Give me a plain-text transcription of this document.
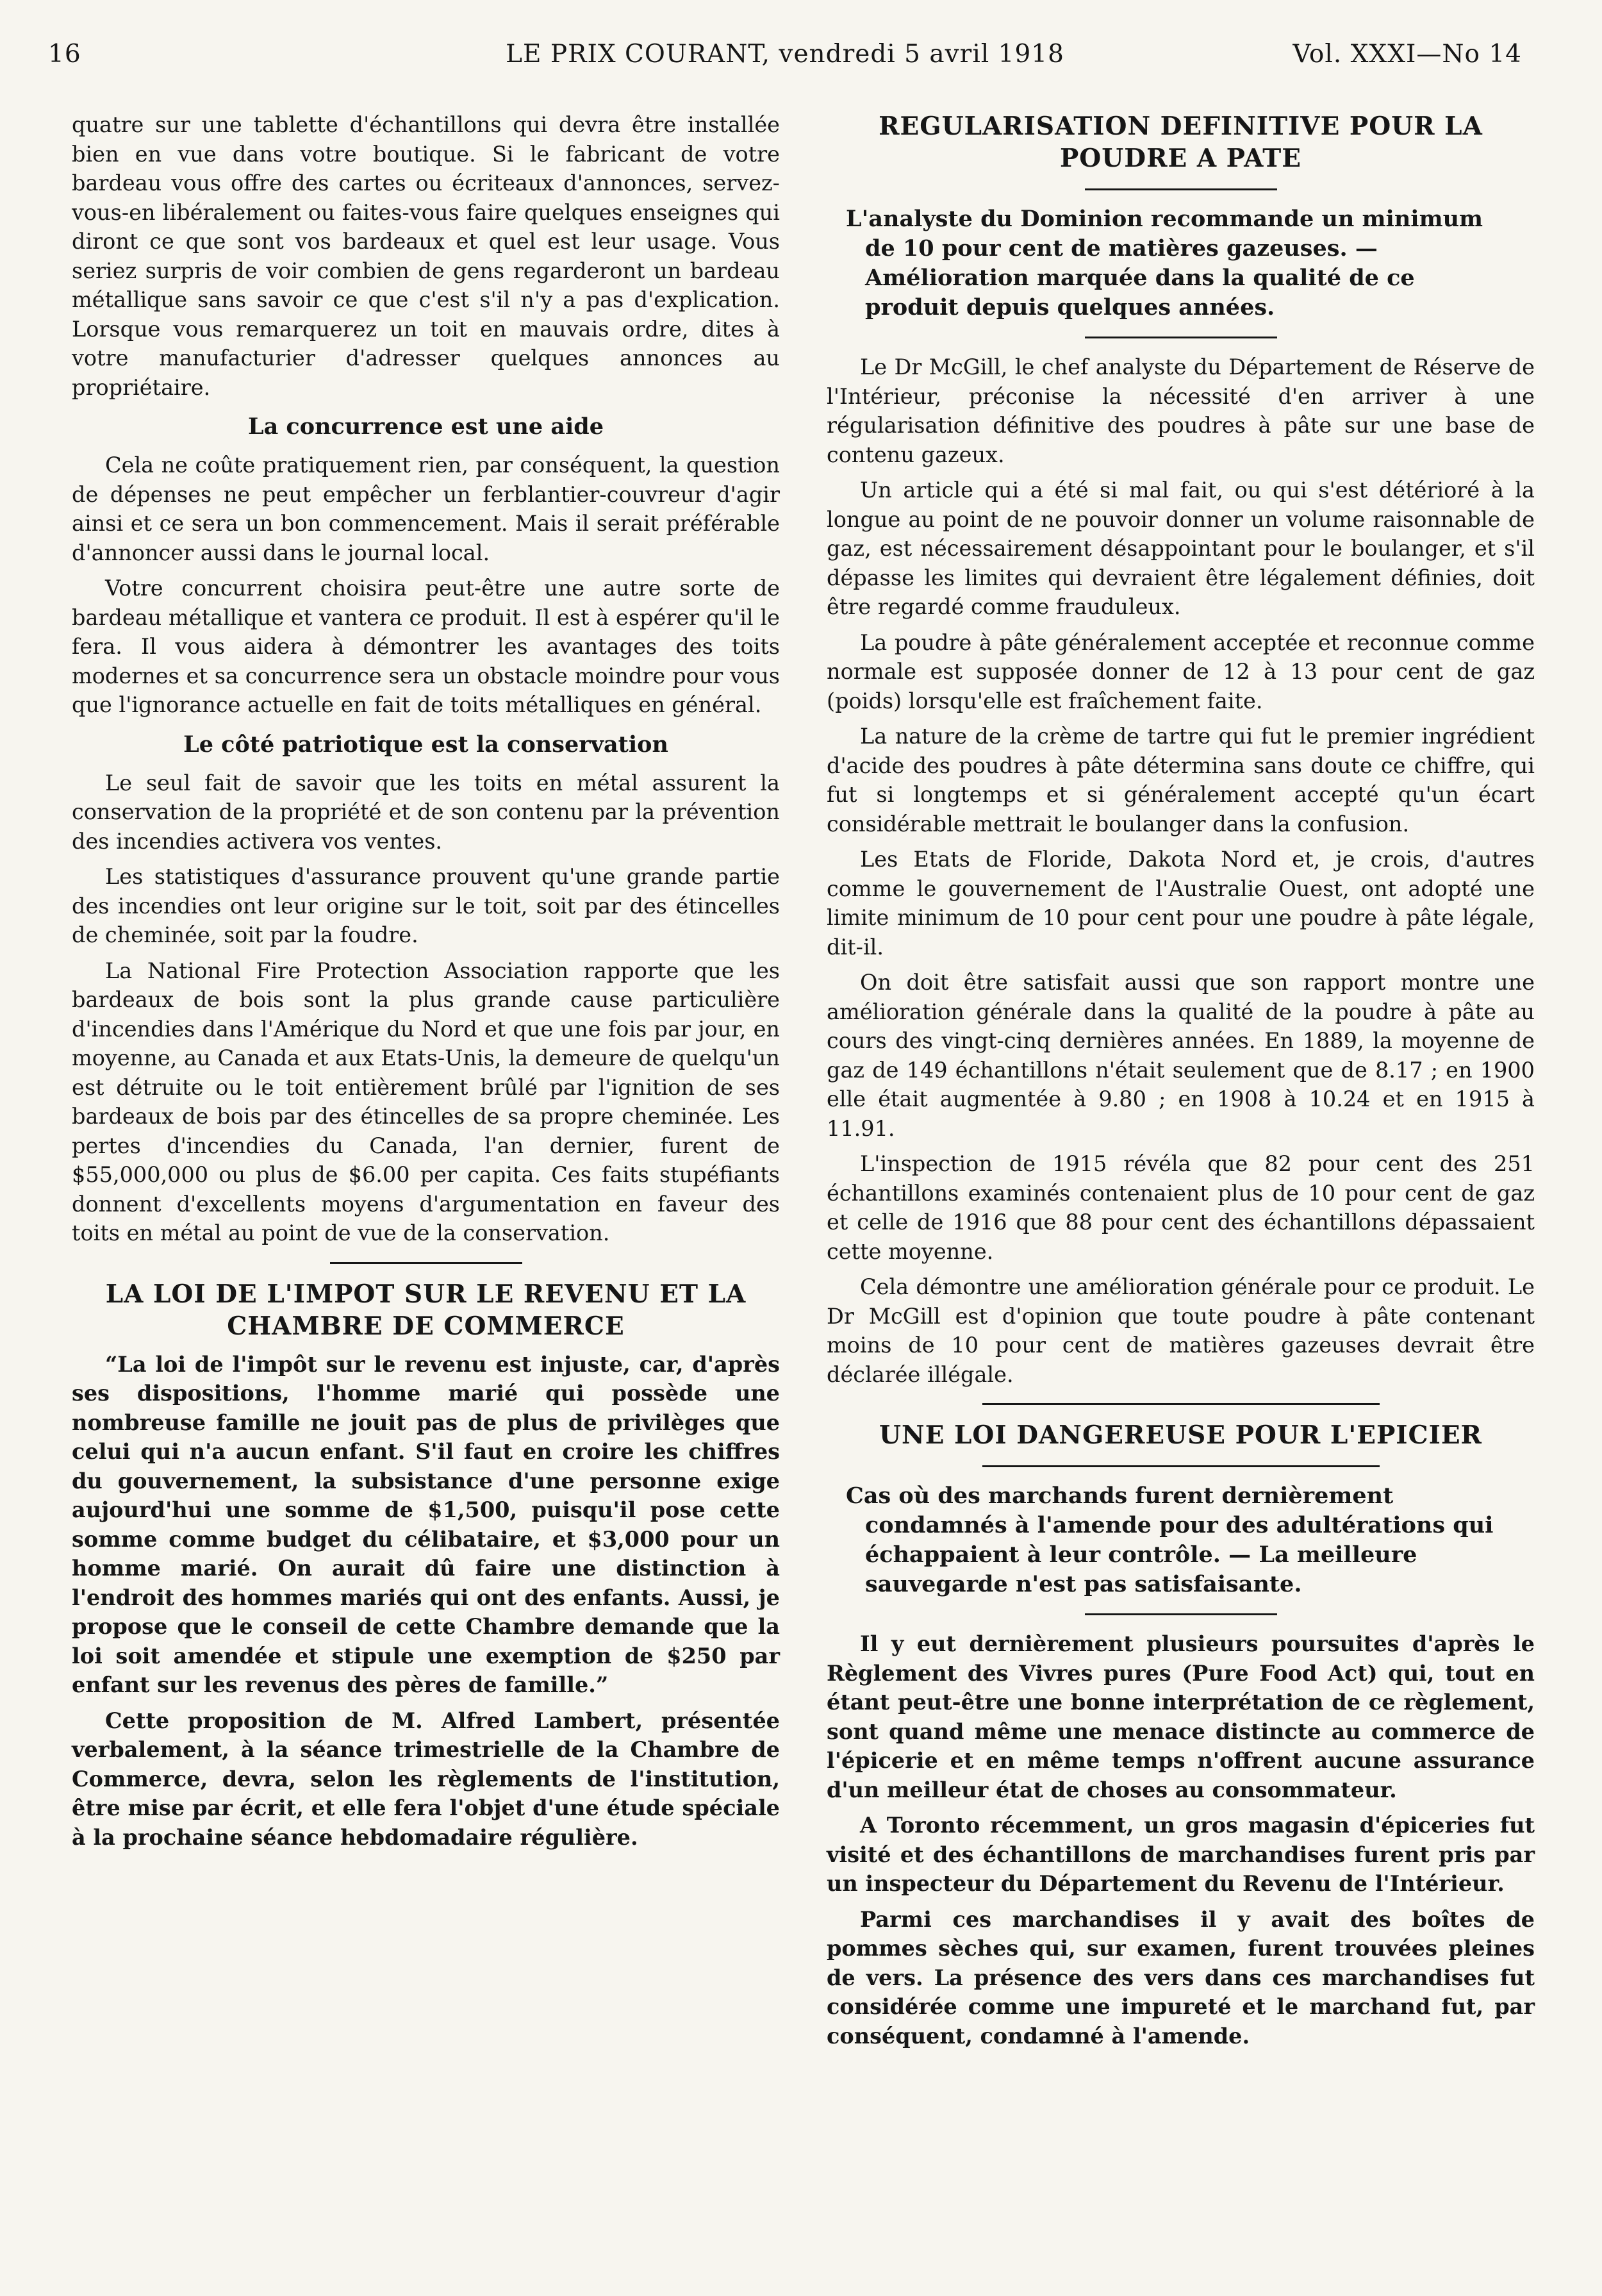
16	LE PRIX COURANT, vendredi 5 avril 1918	Vol. XXXI—No 14

quatre sur une tablette d'échantillons qui devra être installée bien en vue dans votre boutique. Si le fabricant de votre bardeau vous offre des cartes ou écriteaux d'annonces, servez-vous-en libéralement ou faites-vous faire quelques enseignes qui diront ce que sont vos bardeaux et quel est leur usage. Vous seriez surpris de voir combien de gens regarderont un bardeau métallique sans savoir ce que c'est s'il n'y a pas d'explication. Lorsque vous remarquerez un toit en mauvais ordre, dites à votre manufacturier d'adresser quelques annonces au propriétaire.

La concurrence est une aide

Cela ne coûte pratiquement rien, par conséquent, la question de dépenses ne peut empêcher un ferblantier-couvreur d'agir ainsi et ce sera un bon commencement. Mais il serait préférable d'annoncer aussi dans le journal local.

Votre concurrent choisira peut-être une autre sorte de bardeau métallique et vantera ce produit. Il est à espérer qu'il le fera. Il vous aidera à démontrer les avantages des toits modernes et sa concurrence sera un obstacle moindre pour vous que l'ignorance actuelle en fait de toits métalliques en général.

Le côté patriotique est la conservation

Le seul fait de savoir que les toits en métal assurent la conservation de la propriété et de son contenu par la prévention des incendies activera vos ventes.

Les statistiques d'assurance prouvent qu'une grande partie des incendies ont leur origine sur le toit, soit par des étincelles de cheminée, soit par la foudre.

La National Fire Protection Association rapporte que les bardeaux de bois sont la plus grande cause particulière d'incendies dans l'Amérique du Nord et que une fois par jour, en moyenne, au Canada et aux Etats-Unis, la demeure de quelqu'un est détruite ou le toit entièrement brûlé par l'ignition de ses bardeaux de bois par des étincelles de sa propre cheminée. Les pertes d'incendies du Canada, l'an dernier, furent de $55,000,000 ou plus de $6.00 per capita. Ces faits stupéfiants donnent d'excellents moyens d'argumentation en faveur des toits en métal au point de vue de la conservation.

LA LOI DE L'IMPOT SUR LE REVENU ET LA CHAMBRE DE COMMERCE

“La loi de l'impôt sur le revenu est injuste, car, d'après ses dispositions, l'homme marié qui possède une nombreuse famille ne jouit pas de plus de privilèges que celui qui n'a aucun enfant. S'il faut en croire les chiffres du gouvernement, la subsistance d'une personne exige aujourd'hui une somme de $1,500, puisqu'il pose cette somme comme budget du célibataire, et $3,000 pour un homme marié. On aurait dû faire une distinction à l'endroit des hommes mariés qui ont des enfants. Aussi, je propose que le conseil de cette Chambre demande que la loi soit amendée et stipule une exemption de $250 par enfant sur les revenus des pères de famille.”

Cette proposition de M. Alfred Lambert, présentée verbalement, à la séance trimestrielle de la Chambre de Commerce, devra, selon les règlements de l'institution, être mise par écrit, et elle fera l'objet d'une étude spéciale à la prochaine séance hebdomadaire régulière.

REGULARISATION DEFINITIVE POUR LA POUDRE A PATE
L'analyste du Dominion recommande un minimum de 10 pour cent de matières gazeuses. — Amélioration marquée dans la qualité de ce produit depuis quelques années.

Le Dr McGill, le chef analyste du Département de Réserve de l'Intérieur, préconise la nécessité d'en arriver à une régularisation définitive des poudres à pâte sur une base de contenu gazeux.

Un article qui a été si mal fait, ou qui s'est détérioré à la longue au point de ne pouvoir donner un volume raisonnable de gaz, est nécessairement désappointant pour le boulanger, et s'il dépasse les limites qui devraient être légalement définies, doit être regardé comme frauduleux.

La poudre à pâte généralement acceptée et reconnue comme normale est supposée donner de 12 à 13 pour cent de gaz (poids) lorsqu'elle est fraîchement faite.

La nature de la crème de tartre qui fut le premier ingrédient d'acide des poudres à pâte détermina sans doute ce chiffre, qui fut si longtemps et si généralement accepté qu'un écart considérable mettrait le boulanger dans la confusion.

Les Etats de Floride, Dakota Nord et, je crois, d'autres comme le gouvernement de l'Australie Ouest, ont adopté une limite minimum de 10 pour cent pour une poudre à pâte légale, dit-il.

On doit être satisfait aussi que son rapport montre une amélioration générale dans la qualité de la poudre à pâte au cours des vingt-cinq dernières années. En 1889, la moyenne de gaz de 149 échantillons n'était seulement que de 8.17 ; en 1900 elle était augmentée à 9.80 ; en 1908 à 10.24 et en 1915 à 11.91.

L'inspection de 1915 révéla que 82 pour cent des 251 échantillons examinés contenaient plus de 10 pour cent de gaz et celle de 1916 que 88 pour cent des échantillons dépassaient cette moyenne.

Cela démontre une amélioration générale pour ce produit. Le Dr McGill est d'opinion que toute poudre à pâte contenant moins de 10 pour cent de matières gazeuses devrait être déclarée illégale.

UNE LOI DANGEREUSE POUR L'EPICIER
Cas où des marchands furent dernièrement condamnés à l'amende pour des adultérations qui échappaient à leur contrôle. — La meilleure sauvegarde n'est pas satisfaisante.

Il y eut dernièrement plusieurs poursuites d'après le Règlement des Vivres pures (Pure Food Act) qui, tout en étant peut-être une bonne interprétation de ce règlement, sont quand même une menace distincte au commerce de l'épicerie et en même temps n'offrent aucune assurance d'un meilleur état de choses au consommateur.

A Toronto récemment, un gros magasin d'épiceries fut visité et des échantillons de marchandises furent pris par un inspecteur du Département du Revenu de l'Intérieur.

Parmi ces marchandises il y avait des boîtes de pommes sèches qui, sur examen, furent trouvées pleines de vers. La présence des vers dans ces marchandises fut considérée comme une impureté et le marchand fut, par conséquent, condamné à l'amende.
